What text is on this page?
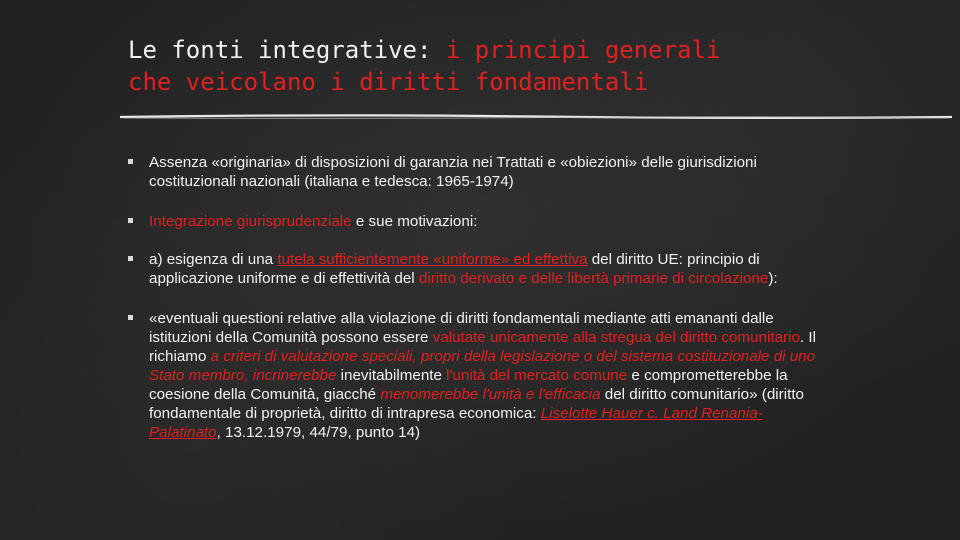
Le fonti integrative: i principi generali
che veicolano i diritti fondamentali
Assenza «originaria» di disposizioni di garanzia nei Trattati e «obiezioni» delle giurisdizioni costituzionali nazionali (italiana e tedesca: 1965-1974)
Integrazione giurisprudenziale e sue motivazioni:
a) esigenza di una tutela sufficientemente «uniforme» ed effettiva del diritto UE: principio di applicazione uniforme e di effettività del diritto derivato e delle libertà primarie di circolazione):
«eventuali questioni relative alla violazione di diritti fondamentali mediante atti emananti dalle istituzioni della Comunità possono essere valutate unicamente alla stregua del diritto comunitario. Il richiamo a criteri di valutazione speciali, propri della legislazione o del sistema costituzionale di uno Stato membro, incrinerebbe inevitabilmente l'unità del mercato comune e comprometterebbe la coesione della Comunità, giacché menomerebbe l'unità e l'efficacia del diritto comunitario» (diritto fondamentale di proprietà, diritto di intrapresa economica: Liselotte Hauer c. Land Renania-Palatinato, 13.12.1979, 44/79, punto 14)
